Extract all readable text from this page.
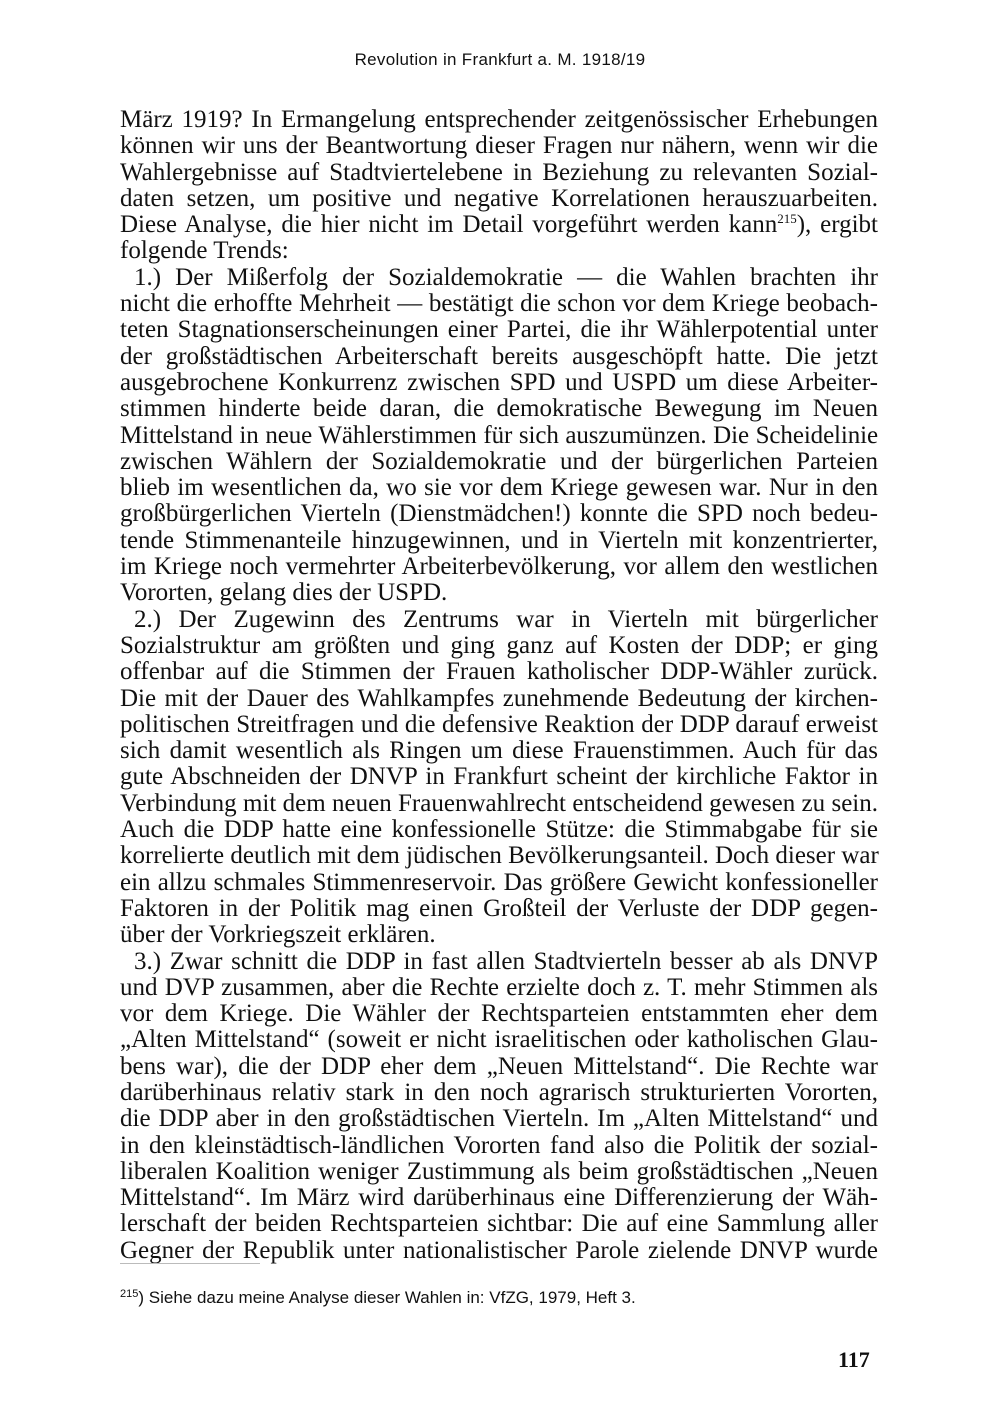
Revolution in Frankfurt a. M. 1918/19
März 1919? In Ermangelung entsprechender zeitgenössischer Erhebungen
können wir uns der Beantwortung dieser Fragen nur nähern, wenn wir die
Wahlergebnisse auf Stadtviertelebene in Beziehung zu relevanten Sozial-
daten setzen, um positive und negative Korrelationen herauszuarbeiten.
Diese Analyse, die hier nicht im Detail vorgeführt werden kann$^{215}$), ergibt
folgende Trends:
1.) Der Mißerfolg der Sozialdemokratie — die Wahlen brachten ihr
nicht die erhoffte Mehrheit — bestätigt die schon vor dem Kriege beobach-
teten Stagnationserscheinungen einer Partei, die ihr Wählerpotential unter
der großstädtischen Arbeiterschaft bereits ausgeschöpft hatte. Die jetzt
ausgebrochene Konkurrenz zwischen SPD und USPD um diese Arbeiter-
stimmen hinderte beide daran, die demokratische Bewegung im Neuen
Mittelstand in neue Wählerstimmen für sich auszumünzen. Die Scheidelinie
zwischen Wählern der Sozialdemokratie und der bürgerlichen Parteien
blieb im wesentlichen da, wo sie vor dem Kriege gewesen war. Nur in den
großbürgerlichen Vierteln (Dienstmädchen!) konnte die SPD noch bedeu-
tende Stimmenanteile hinzugewinnen, und in Vierteln mit konzentrierter,
im Kriege noch vermehrter Arbeiterbevölkerung, vor allem den westlichen
Vororten, gelang dies der USPD.
2.) Der Zugewinn des Zentrums war in Vierteln mit bürgerlicher
Sozialstruktur am größten und ging ganz auf Kosten der DDP; er ging
offenbar auf die Stimmen der Frauen katholischer DDP-Wähler zurück.
Die mit der Dauer des Wahlkampfes zunehmende Bedeutung der kirchen-
politischen Streitfragen und die defensive Reaktion der DDP darauf erweist
sich damit wesentlich als Ringen um diese Frauenstimmen. Auch für das
gute Abschneiden der DNVP in Frankfurt scheint der kirchliche Faktor in
Verbindung mit dem neuen Frauenwahlrecht entscheidend gewesen zu sein.
Auch die DDP hatte eine konfessionelle Stütze: die Stimmabgabe für sie
korrelierte deutlich mit dem jüdischen Bevölkerungsanteil. Doch dieser war
ein allzu schmales Stimmenreservoir. Das größere Gewicht konfessioneller
Faktoren in der Politik mag einen Großteil der Verluste der DDP gegen-
über der Vorkriegszeit erklären.
3.) Zwar schnitt die DDP in fast allen Stadtvierteln besser ab als DNVP
und DVP zusammen, aber die Rechte erzielte doch z. T. mehr Stimmen als
vor dem Kriege. Die Wähler der Rechtsparteien entstammten eher dem
„Alten Mittelstand“ (soweit er nicht israelitischen oder katholischen Glau-
bens war), die der DDP eher dem „Neuen Mittelstand“. Die Rechte war
darüberhinaus relativ stark in den noch agrarisch strukturierten Vororten,
die DDP aber in den großstädtischen Vierteln. Im „Alten Mittelstand“ und
in den kleinstädtisch-ländlichen Vororten fand also die Politik der sozial-
liberalen Koalition weniger Zustimmung als beim großstädtischen „Neuen
Mittelstand“. Im März wird darüberhinaus eine Differenzierung der Wäh-
lerschaft der beiden Rechtsparteien sichtbar: Die auf eine Sammlung aller
Gegner der Republik unter nationalistischer Parole zielende DNVP wurde
$^{215}$) Siehe dazu meine Analyse dieser Wahlen in: VfZG, 1979, Heft 3.
117
